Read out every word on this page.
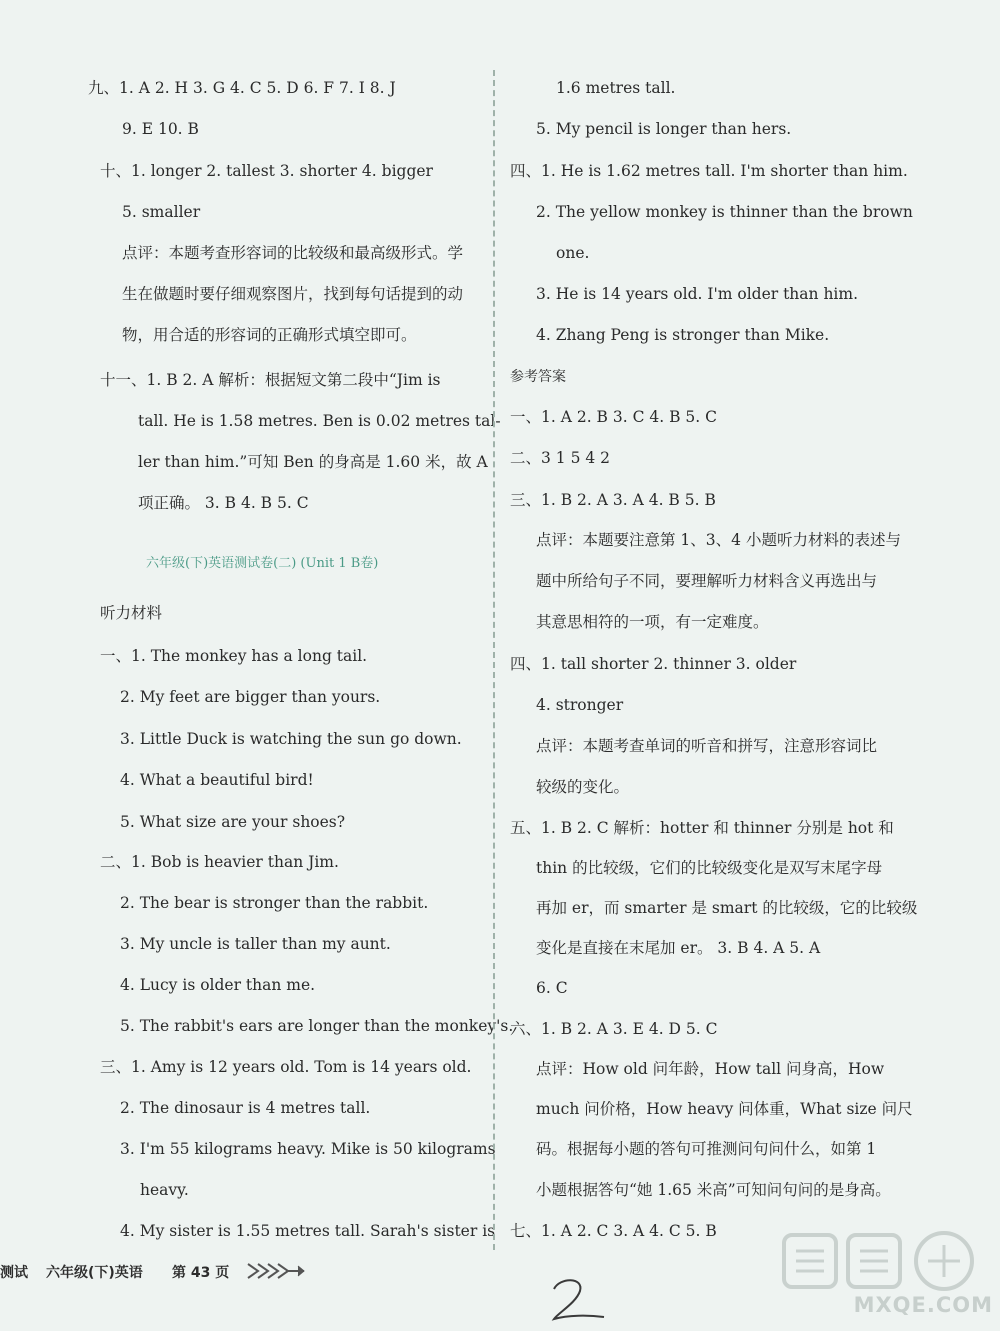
九、1. A 2. H 3. G 4. C 5. D 6. F 7. I 8. J
9. E 10. B
十、1. longer 2. tallest 3. shorter 4. bigger
5. smaller
点评：本题考查形容词的比较级和最高级形式。学
生在做题时要仔细观察图片，找到每句话提到的动
物，用合适的形容词的正确形式填空即可。
十一、1. B 2. A 解析：根据短文第二段中“Jim is
tall. He is 1.58 metres. Ben is 0.02 metres tal-
ler than him.”可知 Ben 的身高是 1.60 米，故 A
项正确。 3. B 4. B 5. C
六年级(下)英语测试卷(二) (Unit 1 B卷)
听力材料
一、1. The monkey has a long tail.
2. My feet are bigger than yours.
3. Little Duck is watching the sun go down.
4. What a beautiful bird!
5. What size are your shoes?
二、1. Bob is heavier than Jim.
2. The bear is stronger than the rabbit.
3. My uncle is taller than my aunt.
4. Lucy is older than me.
5. The rabbit's ears are longer than the monkey's.
三、1. Amy is 12 years old. Tom is 14 years old.
2. The dinosaur is 4 metres tall.
3. I'm 55 kilograms heavy. Mike is 50 kilograms
heavy.
4. My sister is 1.55 metres tall. Sarah's sister is
1.6 metres tall.
5. My pencil is longer than hers.
四、1. He is 1.62 metres tall. I'm shorter than him.
2. The yellow monkey is thinner than the brown
one.
3. He is 14 years old. I'm older than him.
4. Zhang Peng is stronger than Mike.
参考答案
一、1. A 2. B 3. C 4. B 5. C
二、3 1 5 4 2
三、1. B 2. A 3. A 4. B 5. B
点评：本题要注意第 1、3、4 小题听力材料的表述与
题中所给句子不同，要理解听力材料含义再选出与
其意思相符的一项，有一定难度。
四、1. tall shorter 2. thinner 3. older
4. stronger
点评：本题考查单词的听音和拼写，注意形容词比
较级的变化。
五、1. B 2. C 解析：hotter 和 thinner 分别是 hot 和
thin 的比较级，它们的比较级变化是双写末尾字母
再加 er，而 smarter 是 smart 的比较级，它的比较级
变化是直接在末尾加 er。 3. B 4. A 5. A
6. C
六、1. B 2. A 3. E 4. D 5. C
点评：How old 问年龄，How tall 问身高，How
much 问价格，How heavy 问体重，What size 问尺
码。根据每小题的答句可推测问句问什么，如第 1
小题根据答句“她 1.65 米高”可知问句问的是身高。
七、1. A 2. C 3. A 4. C 5. B
测试 六年级(下)英语 第 43 页
MXQE.COM
